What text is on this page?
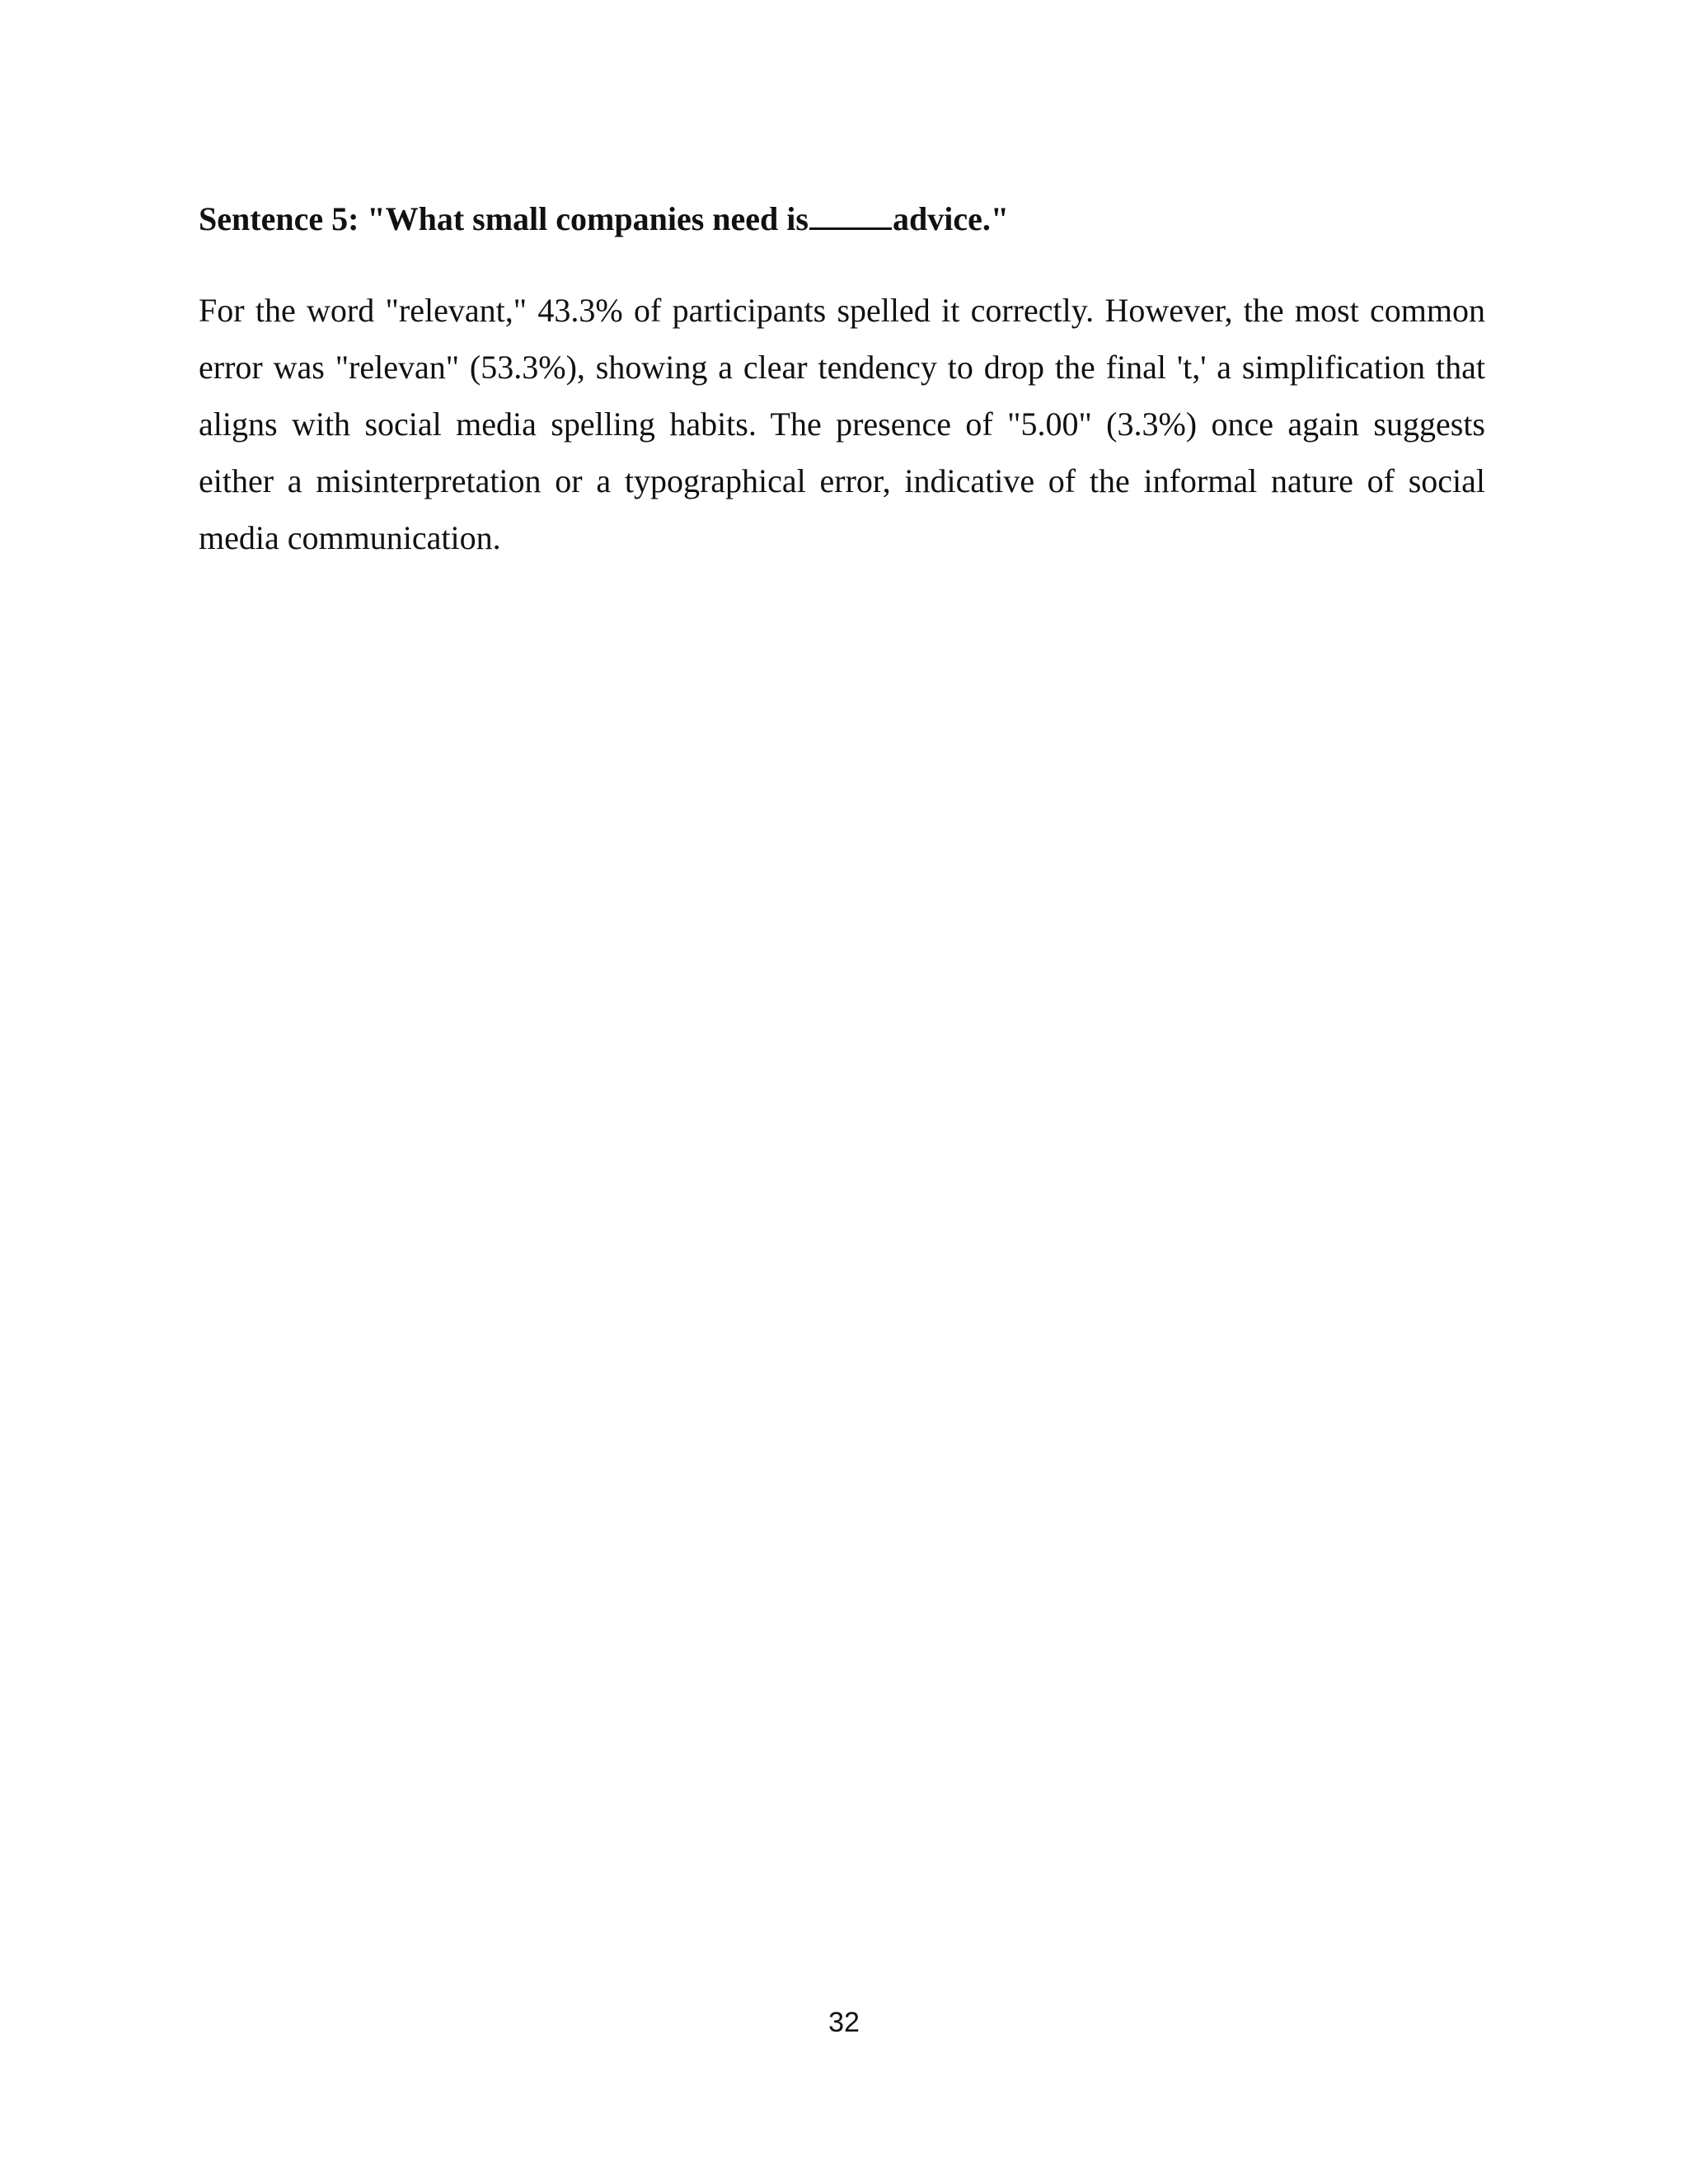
Sentence 5: "What small companies need is	advice."

For the word "relevant," 43.3% of participants spelled it correctly. However, the most common error was "relevan" (53.3%), showing a clear tendency to drop the final 't,' a simplification that aligns with social media spelling habits. The presence of "5.00" (3.3%) once again suggests either a misinterpretation or a typographical error, indicative of the informal nature of social media communication.

32
